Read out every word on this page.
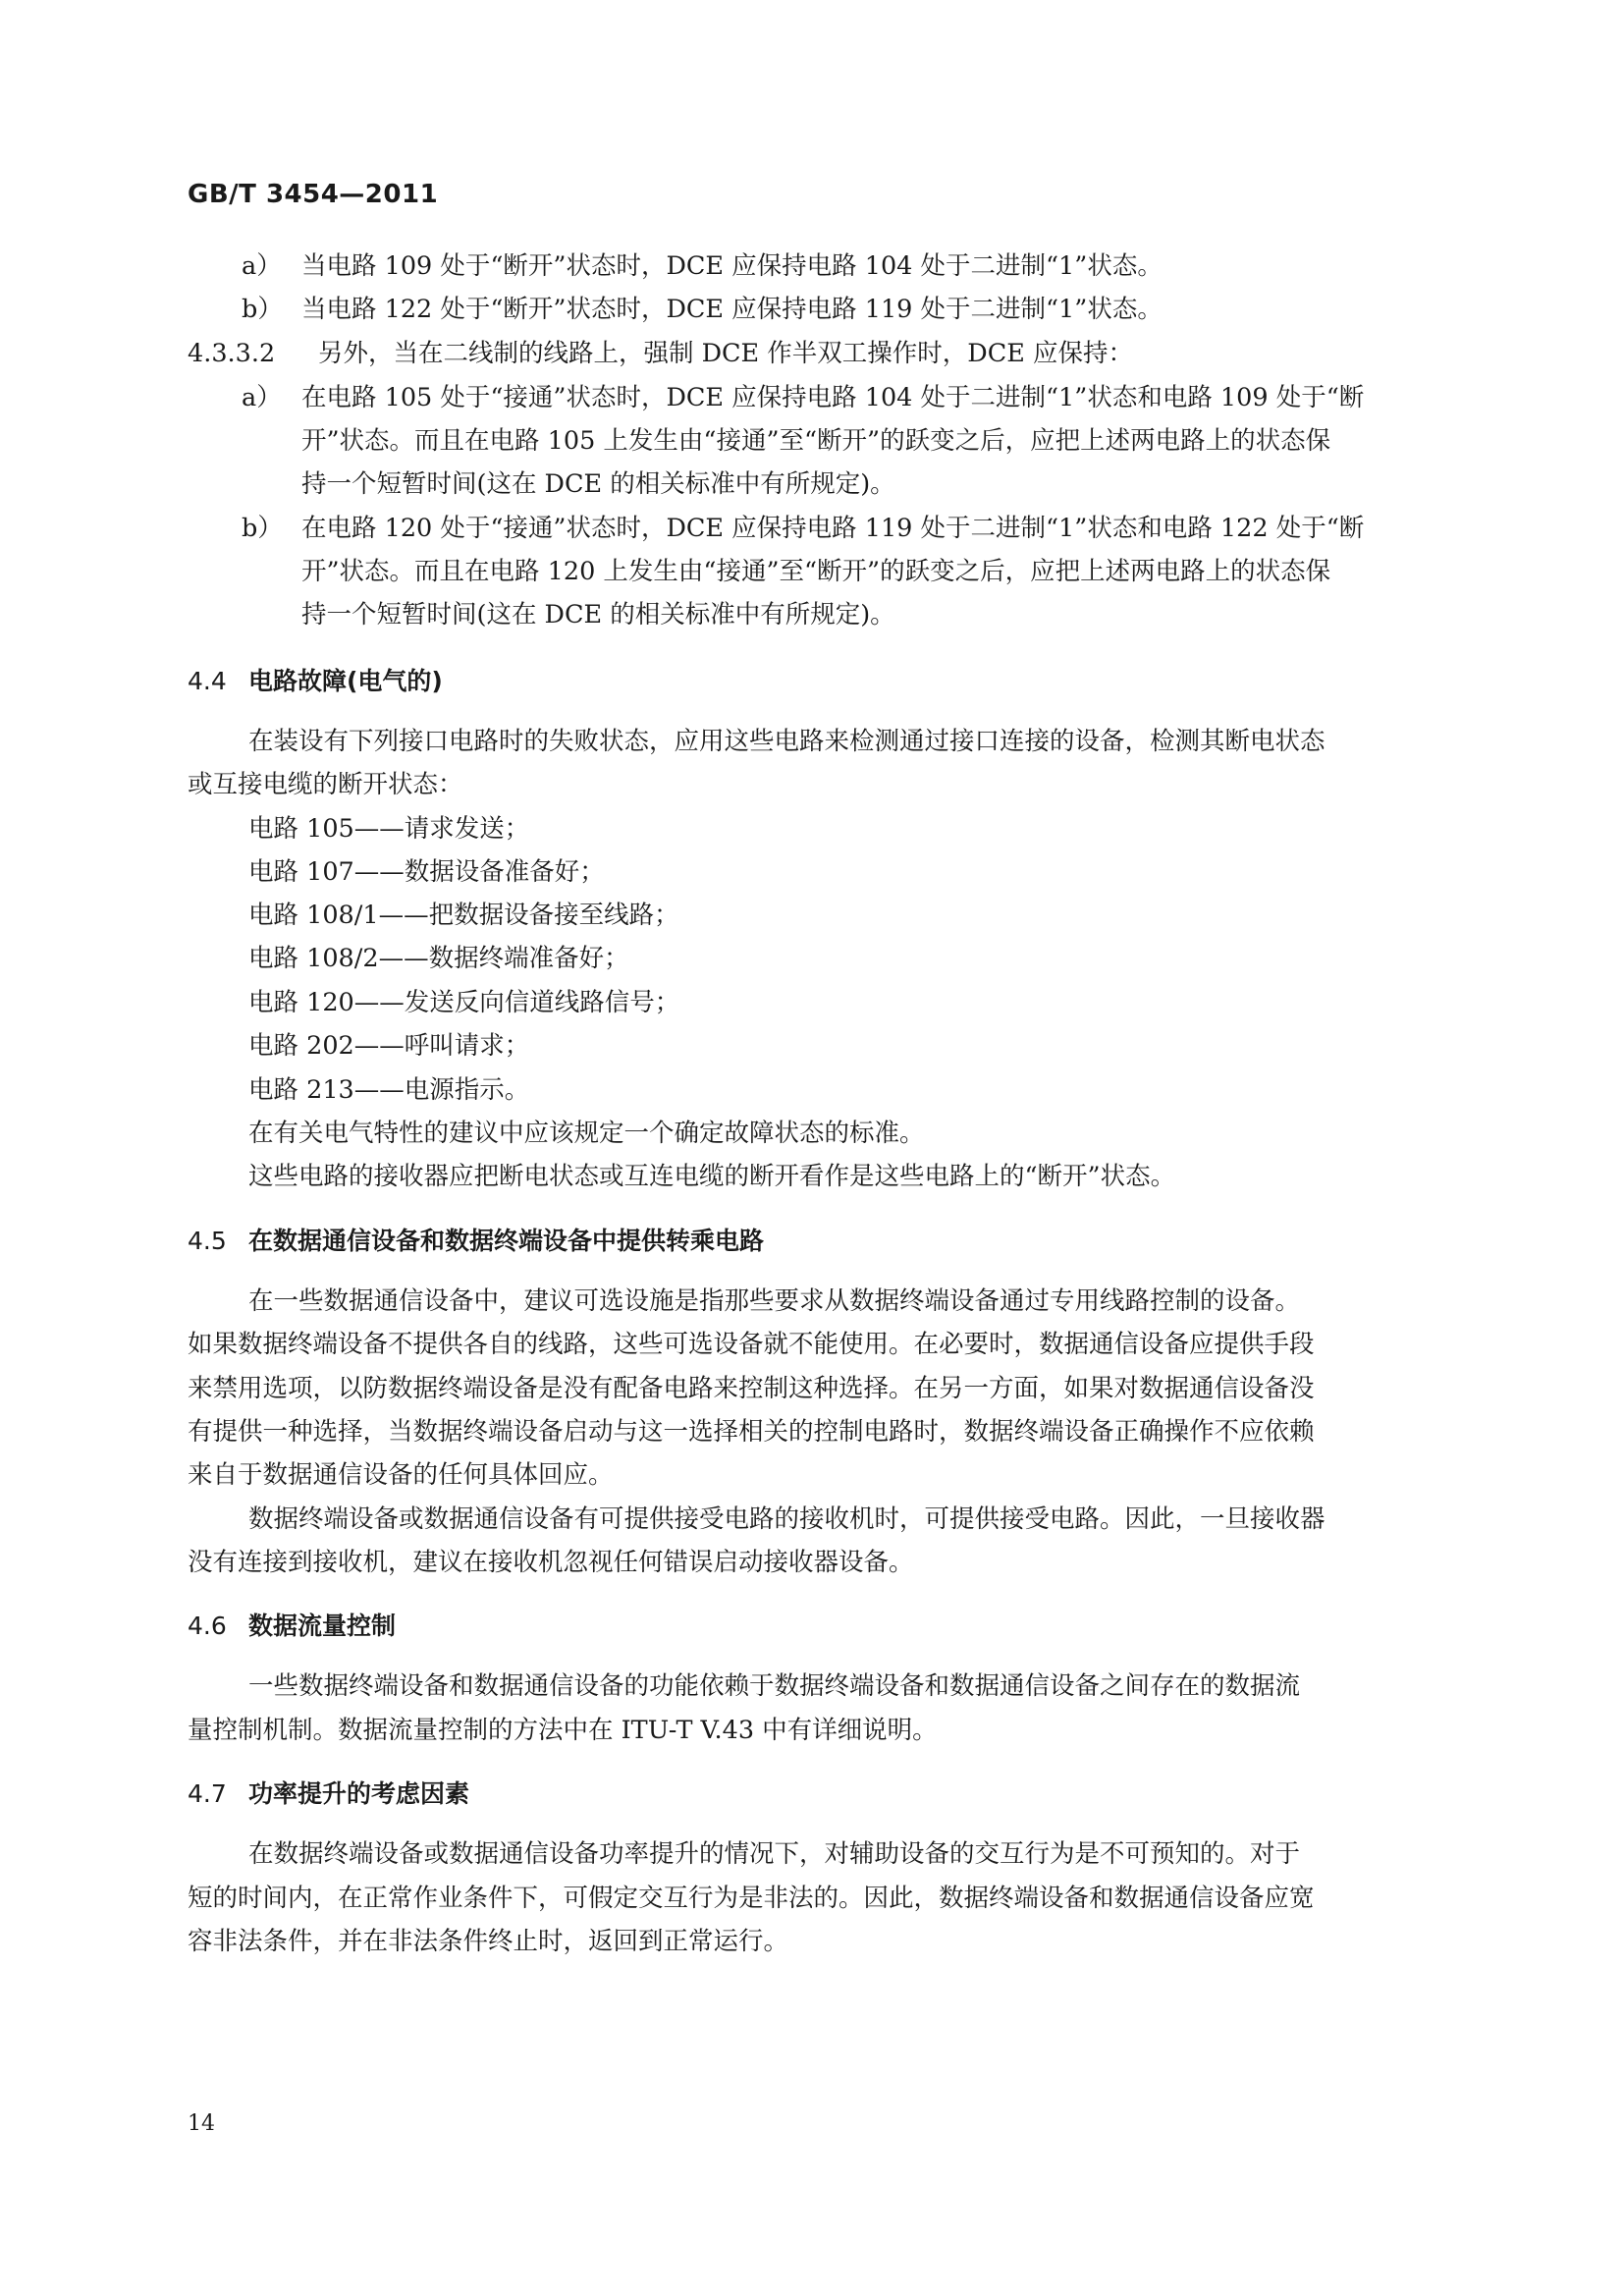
GB/T 3454—2011
a） 当电路 109 处于“断开”状态时，DCE 应保持电路 104 处于二进制“1”状态。
b） 当电路 122 处于“断开”状态时，DCE 应保持电路 119 处于二进制“1”状态。
4.3.3.2 另外，当在二线制的线路上，强制 DCE 作半双工操作时，DCE 应保持：
a） 在电路 105 处于“接通”状态时，DCE 应保持电路 104 处于二进制“1”状态和电路 109 处于“断
开”状态。而且在电路 105 上发生由“接通”至“断开”的跃变之后，应把上述两电路上的状态保
持一个短暂时间(这在 DCE 的相关标准中有所规定)。
b） 在电路 120 处于“接通”状态时，DCE 应保持电路 119 处于二进制“1”状态和电路 122 处于“断
开”状态。而且在电路 120 上发生由“接通”至“断开”的跃变之后，应把上述两电路上的状态保
持一个短暂时间(这在 DCE 的相关标准中有所规定)。
4.4 电路故障(电气的)
在装设有下列接口电路时的失败状态，应用这些电路来检测通过接口连接的设备，检测其断电状态
或互接电缆的断开状态：
电路 105——请求发送；
电路 107——数据设备准备好；
电路 108/1——把数据设备接至线路；
电路 108/2——数据终端准备好；
电路 120——发送反向信道线路信号；
电路 202——呼叫请求；
电路 213——电源指示。
在有关电气特性的建议中应该规定一个确定故障状态的标准。
这些电路的接收器应把断电状态或互连电缆的断开看作是这些电路上的“断开”状态。
4.5 在数据通信设备和数据终端设备中提供转乘电路
在一些数据通信设备中，建议可选设施是指那些要求从数据终端设备通过专用线路控制的设备。
如果数据终端设备不提供各自的线路，这些可选设备就不能使用。在必要时，数据通信设备应提供手段
来禁用选项，以防数据终端设备是没有配备电路来控制这种选择。在另一方面，如果对数据通信设备没
有提供一种选择，当数据终端设备启动与这一选择相关的控制电路时，数据终端设备正确操作不应依赖
来自于数据通信设备的任何具体回应。
数据终端设备或数据通信设备有可提供接受电路的接收机时，可提供接受电路。因此，一旦接收器
没有连接到接收机，建议在接收机忽视任何错误启动接收器设备。
4.6 数据流量控制
一些数据终端设备和数据通信设备的功能依赖于数据终端设备和数据通信设备之间存在的数据流
量控制机制。数据流量控制的方法中在 ITU-T V.43 中有详细说明。
4.7 功率提升的考虑因素
在数据终端设备或数据通信设备功率提升的情况下，对辅助设备的交互行为是不可预知的。对于
短的时间内，在正常作业条件下，可假定交互行为是非法的。因此，数据终端设备和数据通信设备应宽
容非法条件，并在非法条件终止时，返回到正常运行。
14
